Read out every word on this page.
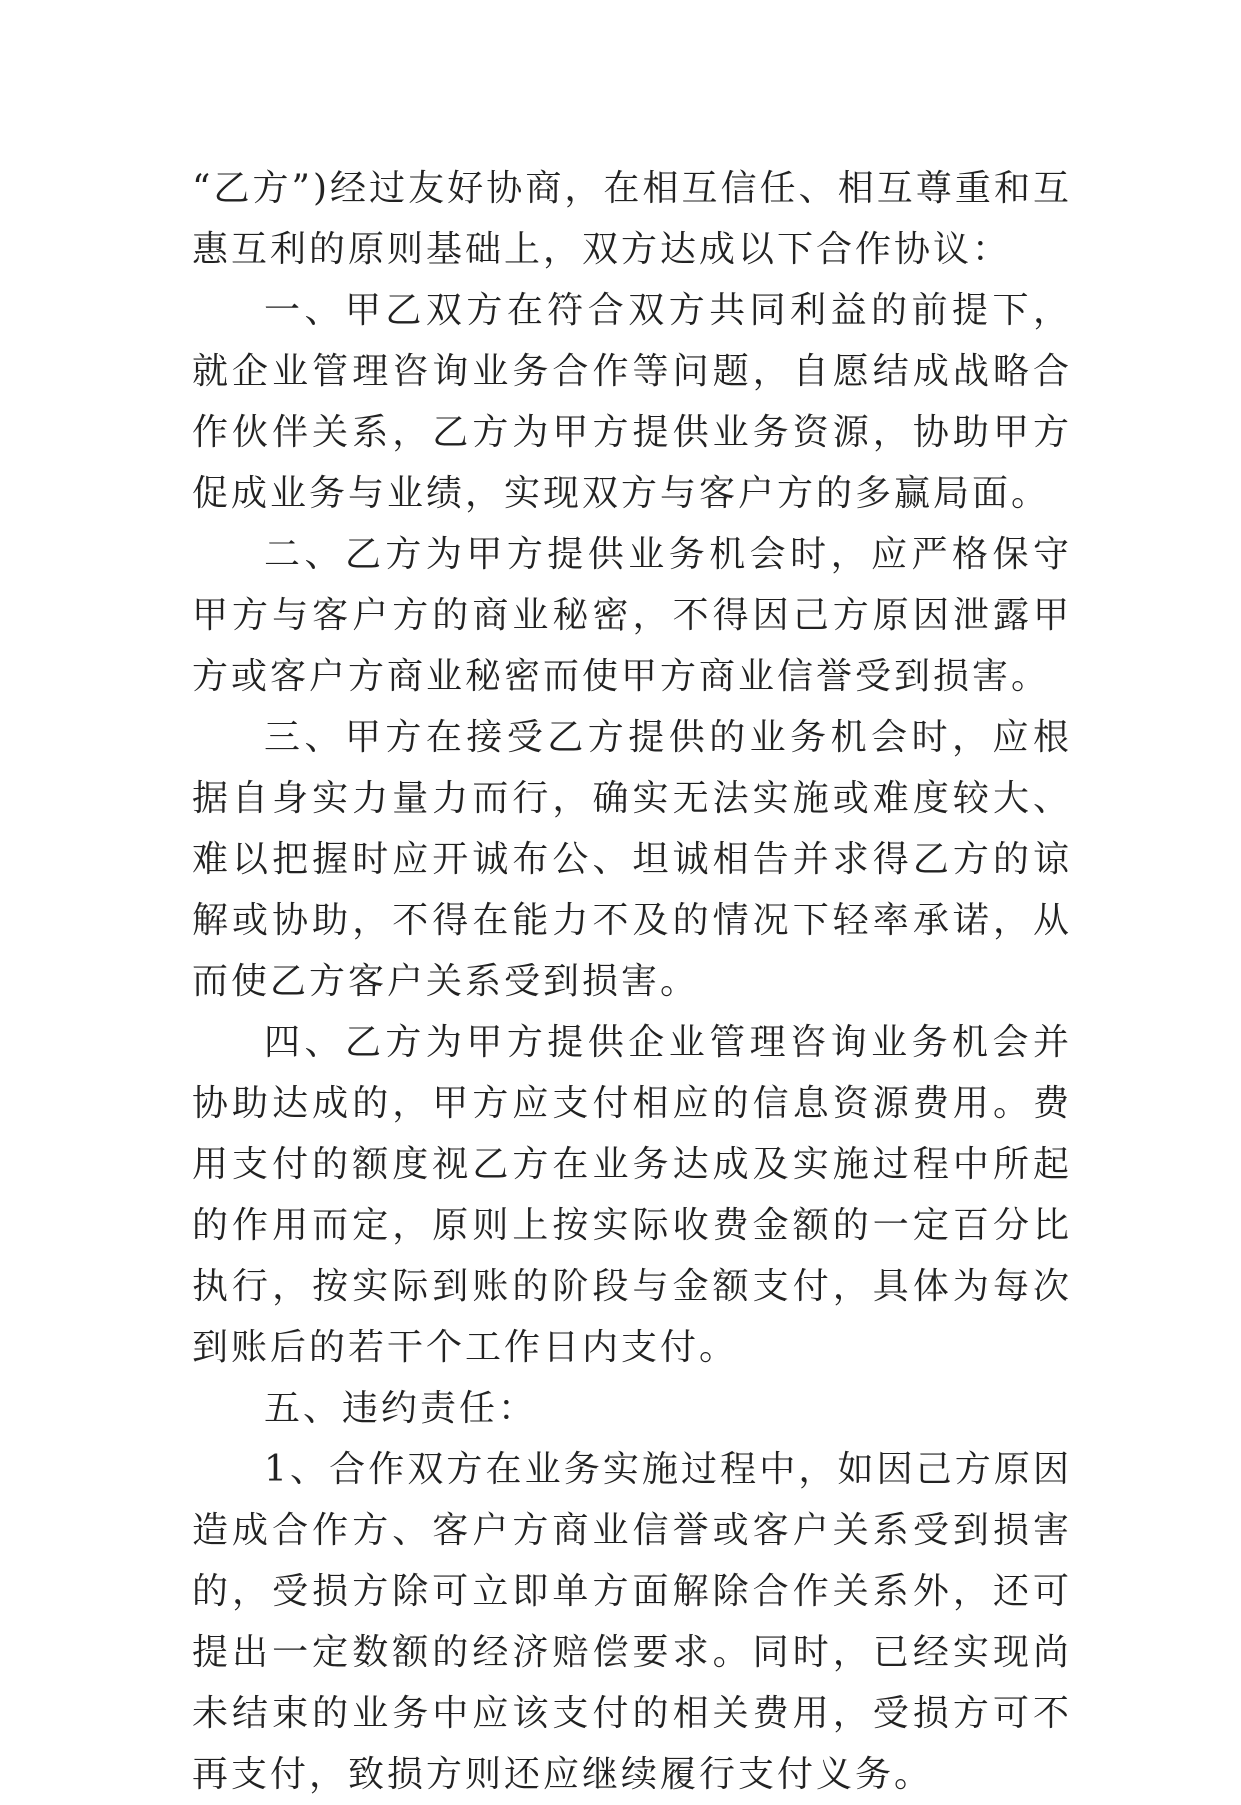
“乙方”)经过友好协商，在相互信任、相互尊重和互惠互利的原则基础上，双方达成以下合作协议：

一、甲乙双方在符合双方共同利益的前提下，就企业管理咨询业务合作等问题，自愿结成战略合作伙伴关系，乙方为甲方提供业务资源，协助甲方促成业务与业绩，实现双方与客户方的多赢局面。

二、乙方为甲方提供业务机会时，应严格保守甲方与客户方的商业秘密，不得因己方原因泄露甲方或客户方商业秘密而使甲方商业信誉受到损害。

三、甲方在接受乙方提供的业务机会时，应根据自身实力量力而行，确实无法实施或难度较大、难以把握时应开诚布公、坦诚相告并求得乙方的谅解或协助，不得在能力不及的情况下轻率承诺，从而使乙方客户关系受到损害。

四、乙方为甲方提供企业管理咨询业务机会并协助达成的，甲方应支付相应的信息资源费用。费用支付的额度视乙方在业务达成及实施过程中所起的作用而定，原则上按实际收费金额的一定百分比执行，按实际到账的阶段与金额支付，具体为每次到账后的若干个工作日内支付。

五、违约责任：

1、合作双方在业务实施过程中，如因己方原因造成合作方、客户方商业信誉或客户关系受到损害的，受损方除可立即单方面解除合作关系外，还可提出一定数额的经济赔偿要求。同时，已经实现尚未结束的业务中应该支付的相关费用，受损方可不再支付，致损方则还应继续履行支付义务。
